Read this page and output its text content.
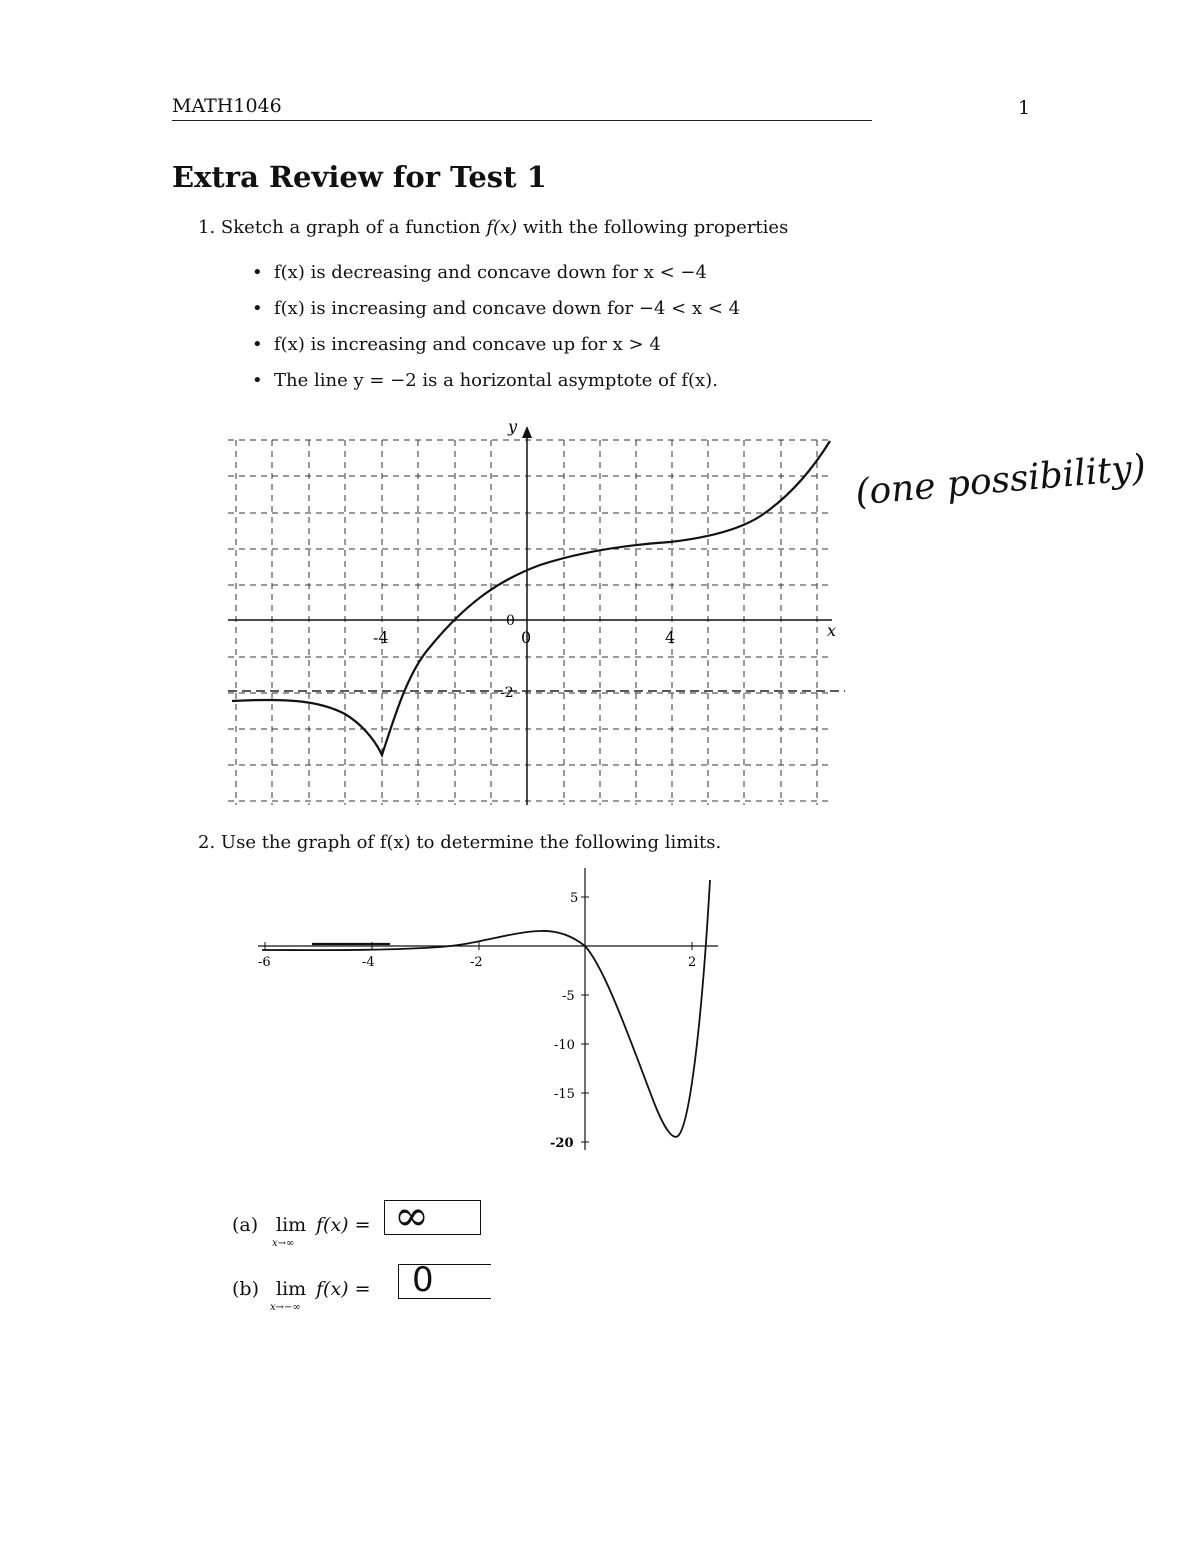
MATH1046	1
Extra Review for Test 1
1. Sketch a graph of a function f(x) with the following properties
• f(x) is decreasing and concave down for x < −4
• f(x) is increasing and concave down for −4 < x < 4
• f(x) is increasing and concave up for x > 4
• The line y = −2 is a horizontal asymptote of f(x).
y
x
-4	0	4
0
-2
(one possibility)
2. Use the graph of f(x) to determine the following limits.
-6	-4	-2	2
5
-5
-10
-15
-20
(a) lim
x→∞
f(x) = ∞
(b) lim
x→−∞
f(x) = 0
